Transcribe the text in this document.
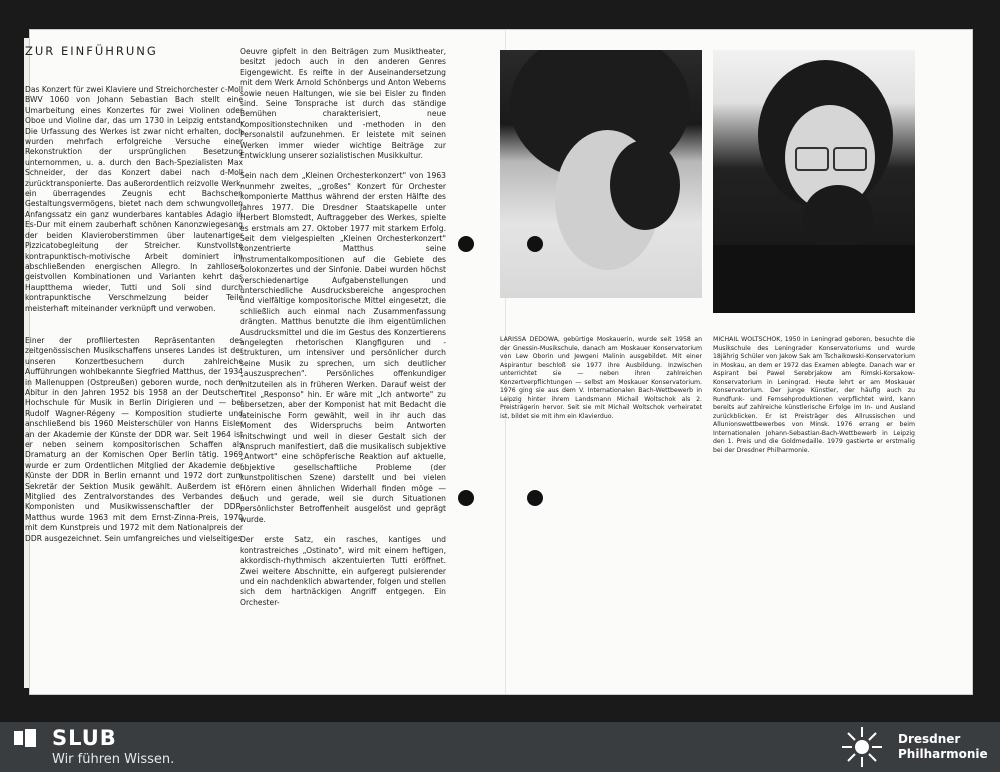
ZUR EINFÜHRUNG

Das Konzert für zwei Klaviere und Streichorchester c-Moll BWV 1060 von Johann Sebastian Bach stellt eine Umarbeitung eines Konzertes für zwei Violinen oder Oboe und Violine dar, das um 1730 in Leipzig entstand. Die Urfassung des Werkes ist zwar nicht erhalten, doch wurden mehrfach erfolgreiche Versuche einer Rekonstruktion der ursprünglichen Besetzung unternommen, u. a. durch den Bach-Spezialisten Max Schneider, der das Konzert dabei nach d-Moll zurücktransponierte. Das außerordentlich reizvolle Werk, ein überragendes Zeugnis echt Bachschen Gestaltungsvermögens, bietet nach dem schwungvollen Anfangssatz ein ganz wunderbares kantables Adagio in Es-Dur mit einem zauberhaft schönen Kanonzwiegesang der beiden Klavieroberstimmen über lautenartiger Pizzicatobegleitung der Streicher. Kunstvollste kontrapunktisch-motivische Arbeit dominiert im abschließenden energischen Allegro. In zahllosen geistvollen Kombinationen und Varianten kehrt das Hauptthema wieder, Tutti und Soli sind durch kontrapunktische Verschmelzung beider Teile meisterhaft miteinander verknüpft und verwoben.

Einer der profiliertesten Repräsentanten des zeitgenössischen Musikschaffens unseres Landes ist der unseren Konzertbesuchern durch zahlreiche Aufführungen wohlbekannte Siegfried Matthus, der 1934 in Mallenuppen (Ostpreußen) geboren wurde, noch dem Abitur in den Jahren 1952 bis 1958 an der Deutschen Hochschule für Musik in Berlin Dirigieren und — bei Rudolf Wagner-Régeny — Komposition studierte und anschließend bis 1960 Meisterschüler von Hanns Eisler an der Akademie der Künste der DDR war. Seit 1964 ist er neben seinem kompositorischen Schaffen als Dramaturg an der Komischen Oper Berlin tätig. 1969 wurde er zum Ordentlichen Mitglied der Akademie der Künste der DDR in Berlin ernannt und 1972 dort zum Sekretär der Sektion Musik gewählt. Außerdem ist er Mitglied des Zentralvorstandes des Verbandes der Komponisten und Musikwissenschaftler der DDR. Matthus wurde 1963 mit dem Ernst-Zinna-Preis, 1970 mit dem Kunstpreis und 1972 mit dem Nationalpreis der DDR ausgezeichnet. Sein umfangreiches und vielseitiges

Oeuvre gipfelt in den Beiträgen zum Musiktheater, besitzt jedoch auch in den anderen Genres Eigengewicht. Es reifte in der Auseinandersetzung mit dem Werk Arnold Schönbergs und Anton Weberns sowie neuen Haltungen, wie sie bei Eisler zu finden sind. Seine Tonsprache ist durch das ständige Bemühen charakterisiert, neue Kompositionstechniken und -methoden in den Personalstil aufzunehmen. Er leistete mit seinen Werken immer wieder wichtige Beiträge zur Entwicklung unserer sozialistischen Musikkultur.

Sein nach dem „Kleinen Orchesterkonzert" von 1963 nunmehr zweites, „großes" Konzert für Orchester komponierte Matthus während der ersten Hälfte des Jahres 1977. Die Dresdner Staatskapelle unter Herbert Blomstedt, Auftraggeber des Werkes, spielte es erstmals am 27. Oktober 1977 mit starkem Erfolg. Seit dem vielgespielten „Kleinen Orchesterkonzert" konzentrierte Matthus seine Instrumentalkompositionen auf die Gebiete des Solokonzertes und der Sinfonie. Dabei wurden höchst verschiedenartige Aufgabenstellungen und unterschiedliche Ausdrucksbereiche angesprochen und vielfältige kompositorische Mittel eingesetzt, die schließlich auch einmal nach Zusammenfassung drängten. Matthus benutzte die ihm eigentümlichen Ausdrucksmittel und die im Gestus des Konzertierens angelegten rhetorischen Klangfiguren und -strukturen, um intensiver und persönlicher durch seine Musik zu sprechen, um sich deutlicher „auszusprechen". Persönliches offenkundiger mitzuteilen als in früheren Werken. Darauf weist der Titel „Responso" hin. Er wäre mit „Ich antworte" zu übersetzen, aber der Komponist hat mit Bedacht die lateinische Form gewählt, weil in ihr auch das Moment des Widerspruchs beim Antworten mitschwingt und weil in dieser Gestalt sich der Anspruch manifestiert, daß die musikalisch subjektive „Antwort" eine schöpferische Reaktion auf aktuelle, objektive gesellschaftliche Probleme (der kunstpolitischen Szene) darstellt und bei vielen Hörern einen ähnlichen Widerhall finden möge — auch und gerade, weil sie durch Situationen persönlichster Betroffenheit ausgelöst und geprägt wurde.

Der erste Satz, ein rasches, kantiges und kontrastreiches „Ostinato", wird mit einem heftigen, akkordisch-rhythmisch akzentuierten Tutti eröffnet. Zwei weitere Abschnitte, ein aufgeregt pulsierender und ein nachdenklich abwartender, folgen und stellen sich dem hartnäckigen Angriff entgegen. Ein Orchester-

LARISSA DEDOWA, gebürtige Moskauerin, wurde seit 1958 an der Gnessin-Musikschule, danach am Moskauer Konservatorium von Lew Oborin und Jewgeni Malinin ausgebildet. Mit einer Aspirantur beschloß sie 1977 ihre Ausbildung. Inzwischen unterrichtet sie — neben ihren zahlreichen Konzertverpflichtungen — selbst am Moskauer Konservatorium. 1976 ging sie aus dem V. Internationalen Bach-Wettbewerb in Leipzig hinter ihrem Landsmann Michail Woltschok als 2. Preisträgerin hervor. Seit sie mit Michail Woltschok verheiratet ist, bildet sie mit ihm ein Klavierduo.
MICHAIL WOLTSCHOK, 1950 in Leningrad geboren, besuchte die Musikschule des Leningrader Konservatoriums und wurde 18jährig Schüler von Jakow Sak am Tschaikowski-Konservatorium in Moskau, an dem er 1972 das Examen ablegte. Danach war er Aspirant bei Pawel Serebrjakow am Rimski-Korsakow-Konservatorium in Leningrad. Heute lehrt er am Moskauer Konservatorium. Der junge Künstler, der häufig auch zu Rundfunk- und Fernsehproduktionen verpflichtet wird, kann bereits auf zahlreiche künstlerische Erfolge im In- und Ausland zurückblicken. Er ist Preisträger des Allrussischen und Allunionswettbewerbes von Minsk. 1976 errang er beim Internationalen Johann-Sebastian-Bach-Wettbewerb in Leipzig den 1. Preis und die Goldmedaille. 1979 gastierte er erstmalig bei der Dresdner Philharmonie.
SLUB
Wir führen Wissen.
Dresdner
Philharmonie
